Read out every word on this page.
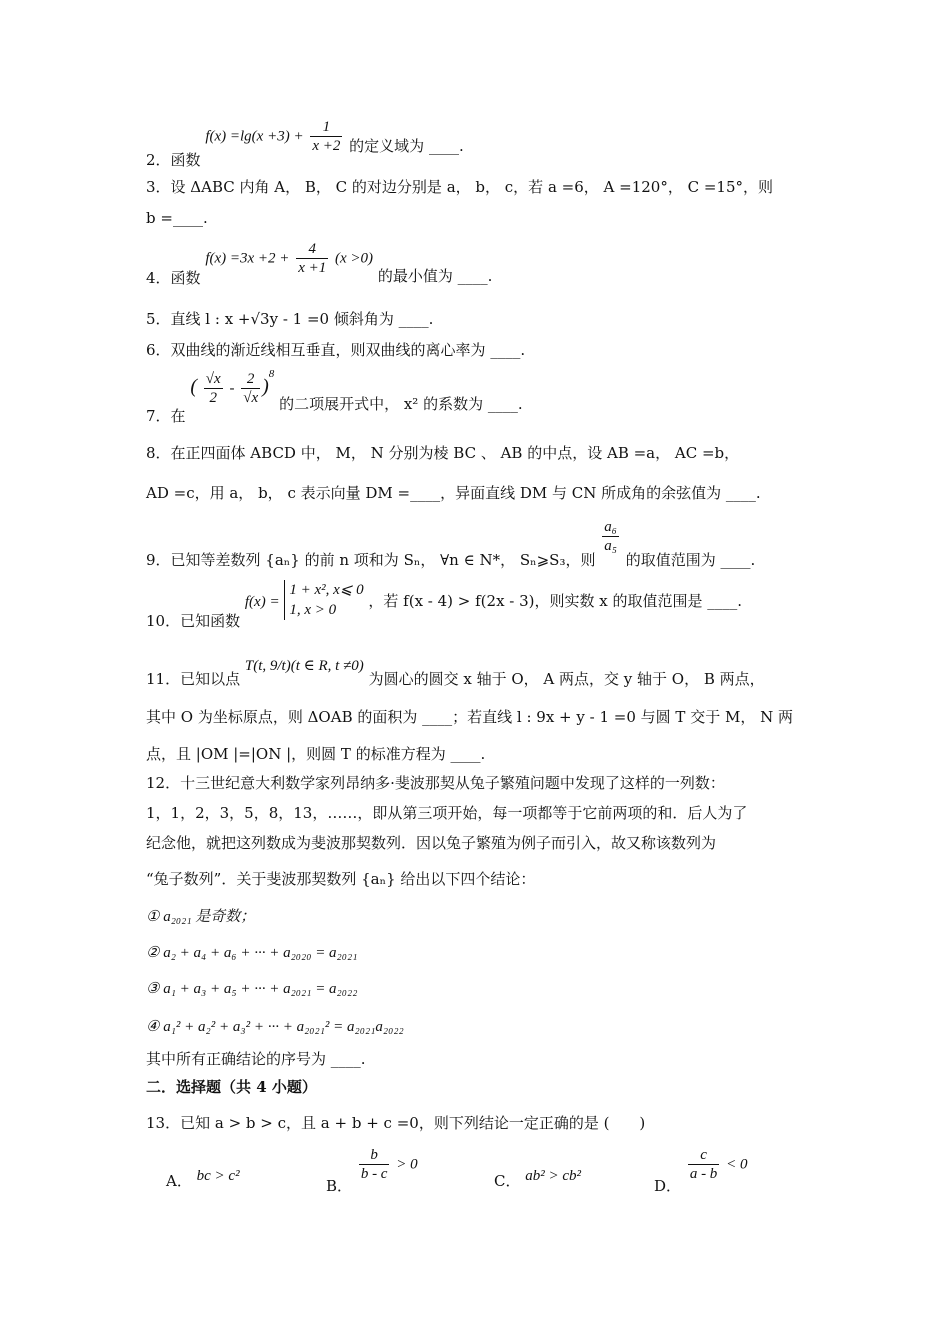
2．函数 $f(x) =\lg(x +3) + \frac{1}{x +2}$ 的定义域为 ____.
3．设 ΔABC 内角 A， B， C 的对边分别是 a， b， c，若 a =6， A =120°， C =15°，则
b =____.
4．函数 $f(x) =3x +2 + \frac{4}{x +1} (x >0)$ 的最小值为 ____.
5．直线 l : x +√3y - 1 =0 倾斜角为 ____.
6．双曲线的渐近线相互垂直，则双曲线的离心率为 ____.
7．在 ( $\frac{√x}{2} - \frac{2}{√x} )^8$ 的二项展开式中， x² 的系数为 ____.
8．在正四面体 ABCD 中， M， N 分别为棱 BC 、 AB 的中点，设 AB =a， AC =b，
AD =c，用 a， b， c 表示向量 DM =____，异面直线 DM 与 CN 所成角的余弦值为 ____.
9．已知等差数列 {aₙ} 的前 n 项和为 Sₙ， ∀n ∈ N*， Sₙ⩾S₃，则
$\frac{\text{a₆}}{\text{a₅}}$
的取值范围为 ____.
10．已知函数 f(x) =
1 + x², x⩽ 0
1, x > 0	，若 f(x - 4) > f(2x - 3)，则实数 x 的取值范围是 ____.
11．已知以点 T(t, 9/t)(t ∈ R, t ≠0) 为圆心的圆交 x 轴于 O， A 两点，交 y 轴于 O， B 两点，
其中 O 为坐标原点，则 ΔOAB 的面积为 ____；若直线 l : 9x + y - 1 =0 与圆 T 交于 M， N 两
点，且 |OM |=|ON |，则圆 T 的标准方程为 ____.
12．十三世纪意大利数学家列昂纳多·斐波那契从兔子繁殖问题中发现了这样的一列数：
1，1，2，3，5，8，13，……，即从第三项开始，每一项都等于它前两项的和．后人为了
纪念他，就把这列数成为斐波那契数列．因以兔子繁殖为例子而引入，故又称该数列为
“兔子数列”．关于斐波那契数列 {aₙ} 给出以下四个结论：
① a₂₀₂₁ 是奇数；
② a₂ + a₄ + a₆ + ··· + a₂₀₂₀ = a₂₀₂₁
③ a₁ + a₃ + a₅ + ··· + a₂₀₂₁ = a₂₀₂₂
④ a₁² + a₂² + a₃² + ··· + a₂₀₂₁² = a₂₀₂₁a₂₀₂₂
其中所有正确结论的序号为 ____.
二．选择题（共 4 小题）
13．已知 a > b > c，且 a + b + c =0，则下列结论一定正确的是 (　　)
A． bc > c²
B．
$\frac{b}{b - c} > 0$
C． ab² > cb²
D．
$\frac{c}{a - b} < 0$
